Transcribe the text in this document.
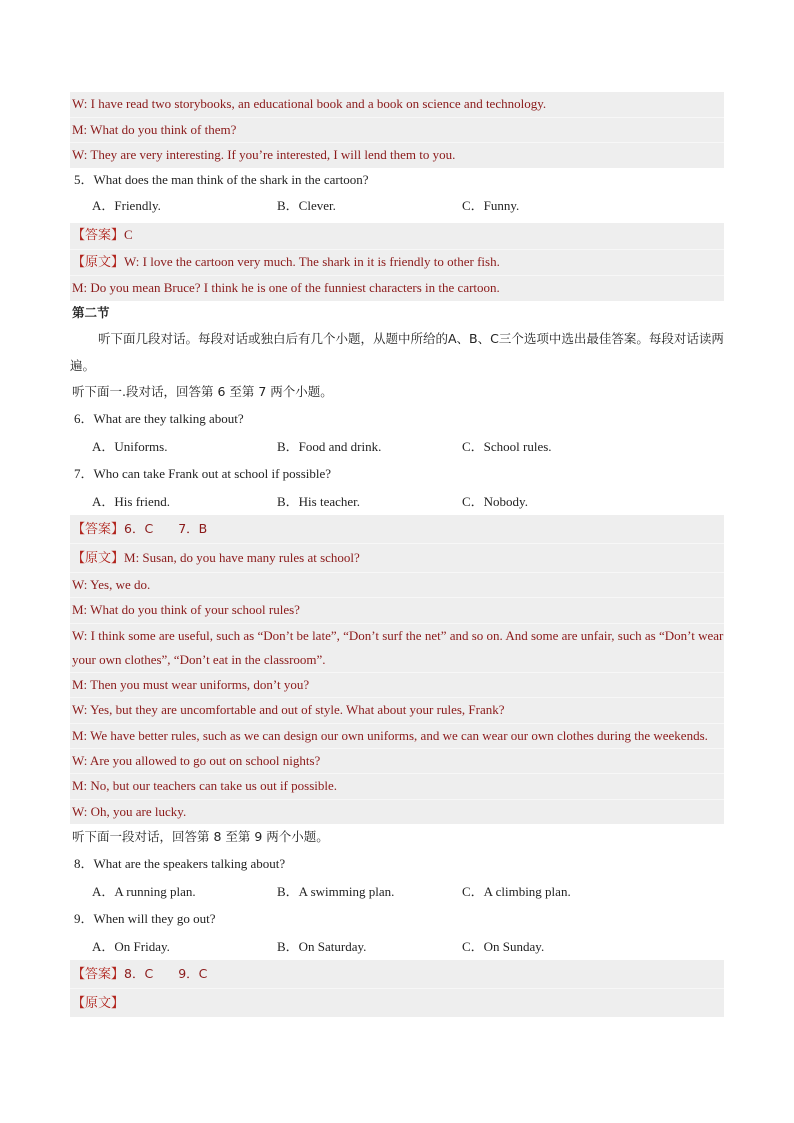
W: I have read two storybooks, an educational book and a book on science and technology.
M: What do you think of them?
W: They are very interesting. If you’re interested, I will lend them to you.
5．What does the man think of the shark in the cartoon?
A．Friendly.	B．Clever.	C．Funny.
【答案】C
【原文】W: I love the cartoon very much. The shark in it is friendly to other fish.
M: Do you mean Bruce? I think he is one of the funniest characters in the cartoon.
第二节
听下面几段对话。每段对话或独白后有几个小题，从题中所给的A、B、C三个选项中选出最佳答案。每段对话读两遍。
听下面一.段对话，回答第 6 至第 7 两个小题。
6．What are they talking about?
A．Uniforms.	B．Food and drink.	C．School rules.
7．Who can take Frank out at school if possible?
A．His friend.	B．His teacher.	C．Nobody.
【答案】6．C　　7．B
【原文】M: Susan, do you have many rules at school?
W: Yes, we do.
M: What do you think of your school rules?
W: I think some are useful, such as “Don’t be late”, “Don’t surf the net” and so on. And some are unfair, such as “Don’t wear your own clothes”, “Don’t eat in the classroom”.
M: Then you must wear uniforms, don’t you?
W: Yes, but they are uncomfortable and out of style. What about your rules, Frank?
M: We have better rules, such as we can design our own uniforms, and we can wear our own clothes during the weekends.
W: Are you allowed to go out on school nights?
M: No, but our teachers can take us out if possible.
W: Oh, you are lucky.
听下面一段对话，回答第 8 至第 9 两个小题。
8．What are the speakers talking about?
A．A running plan.	B．A swimming plan.	C．A climbing plan.
9．When will they go out?
A．On Friday.	B．On Saturday.	C．On Sunday.
【答案】8．C　　9．C
【原文】
